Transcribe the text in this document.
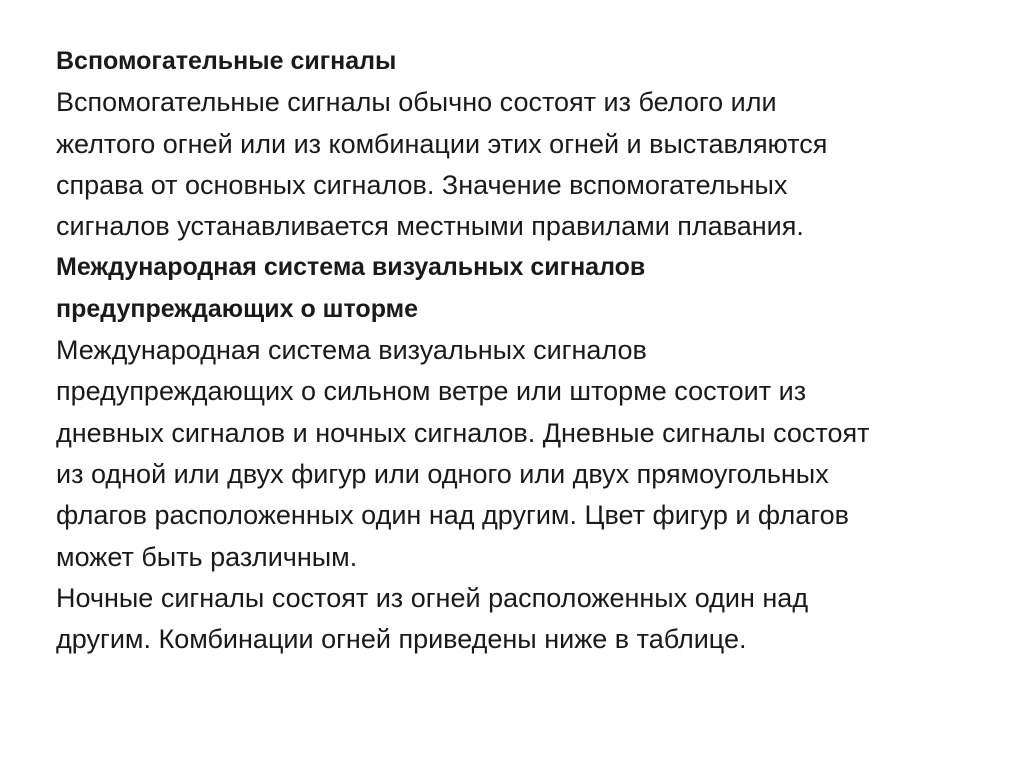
Вспомогательные сигналы
Вспомогательные сигналы обычно состоят из белого или
желтого огней или из комбинации этих огней и выставляются
справа от основных сигналов. Значение вспомогательных
сигналов устанавливается местными правилами плавания.
Международная система визуальных сигналов
предупреждающих о шторме
Международная система визуальных сигналов
предупреждающих о сильном ветре или шторме состоит из
дневных сигналов и ночных сигналов. Дневные сигналы состоят
из одной или двух фигур или одного или двух прямоугольных
флагов расположенных один над другим. Цвет фигур и флагов
может быть различным.
Ночные сигналы состоят из огней расположенных один над
другим. Комбинации огней приведены ниже в таблице.
